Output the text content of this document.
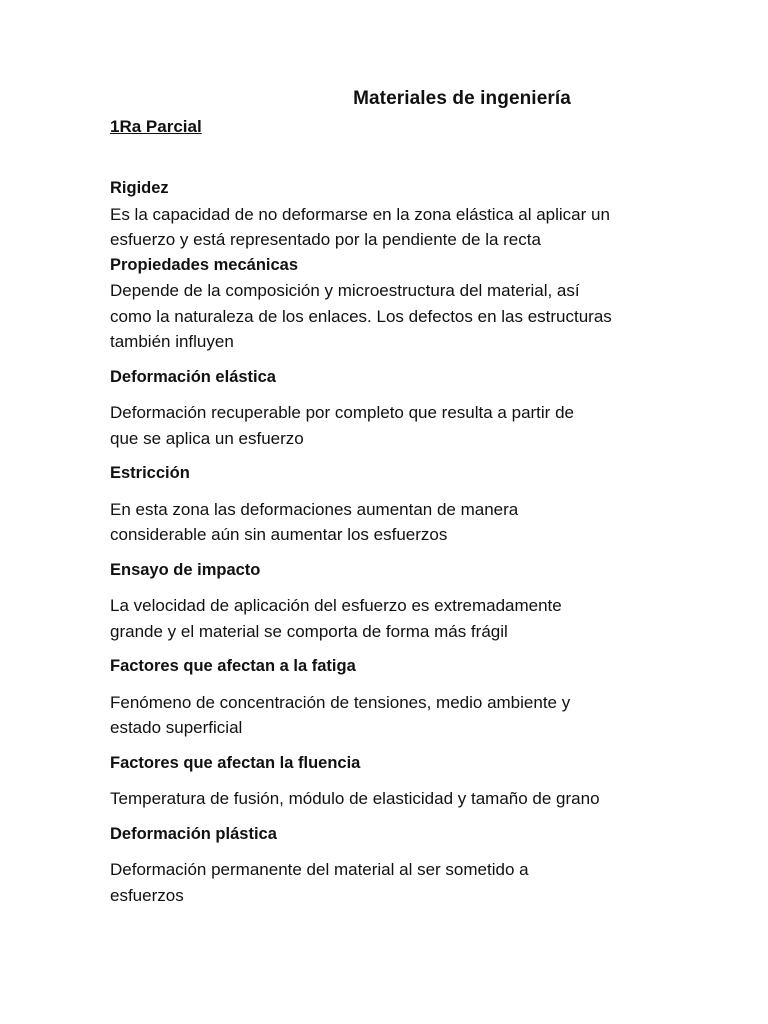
Materiales de ingeniería
1Ra Parcial

Rigidez

Es la capacidad de no deformarse en la zona elástica al aplicar un

esfuerzo y está representado por la pendiente de la recta

Propiedades mecánicas

Depende de la composición y microestructura del material, así

como la naturaleza de los enlaces. Los defectos en las estructuras

también influyen

Deformación elástica

Deformación recuperable por completo que resulta a partir de

que se aplica un esfuerzo

Estricción

En esta zona las deformaciones aumentan de manera

considerable aún sin aumentar los esfuerzos

Ensayo de impacto

La velocidad de aplicación del esfuerzo es extremadamente

grande y el material se comporta de forma más frágil

Factores que afectan a la fatiga

Fenómeno de concentración de tensiones, medio ambiente y

estado superficial

Factores que afectan la fluencia

Temperatura de fusión, módulo de elasticidad y tamaño de grano

Deformación plástica

Deformación permanente del material al ser sometido a

esfuerzos
